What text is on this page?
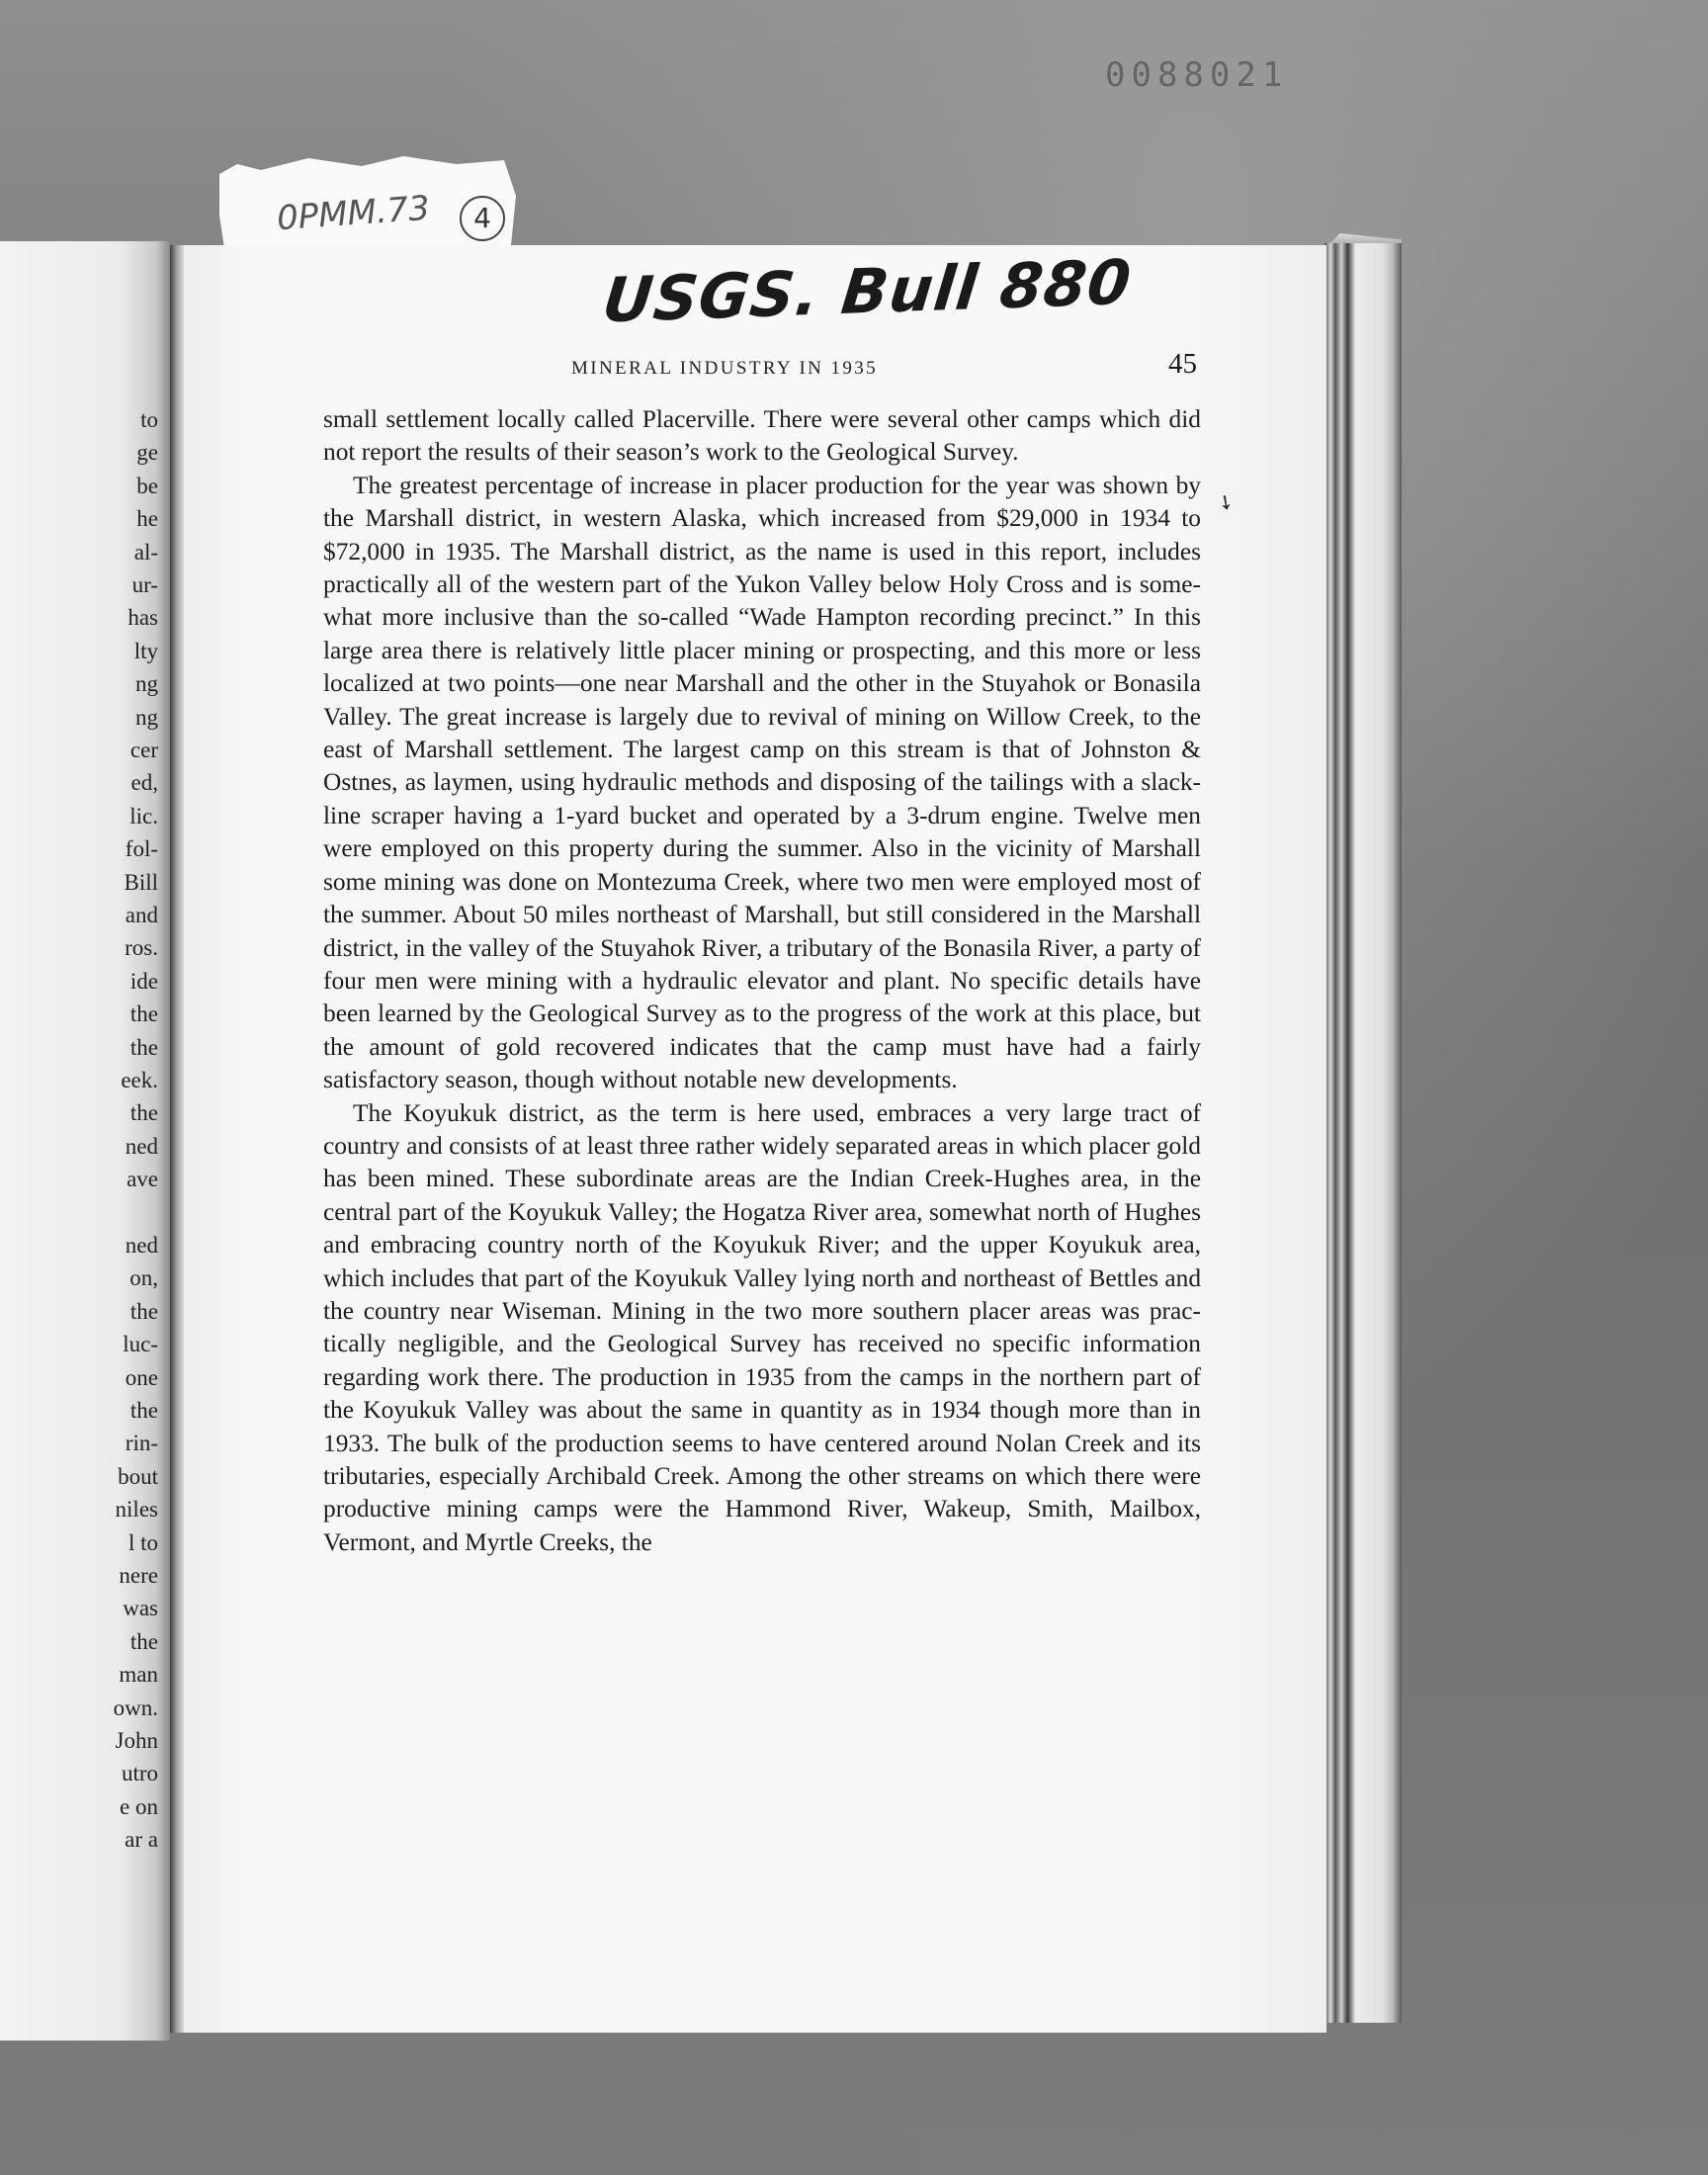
0088021
to
ge
be
he
al-
ur-
has
lty
ng
ng
cer
ed,
lic.
fol-
Bill
and
ros.
ide
the
the
eek.
the
ned
ave
ned
on,
the
luc-
one
the
rin-
bout
niles
l to
nere
was
the
man
own.
John
utro
e on
ar a
0PMM.73	4
USGS. Bull 880
MINERAL INDUSTRY IN 1935	45

small settlement locally called Placerville. There were several other camps which did not report the results of their season’s work to the Geological Survey.

The greatest percentage of increase in placer production for the year was shown by the Marshall district, in western Alaska, which increased from $29,000 in 1934 to $72,000 in 1935. The Marshall district, as the name is used in this report, includes practically all of the western part of the Yukon Valley below Holy Cross and is somewhat more inclusive than the so-called “Wade Hampton recording precinct.” In this large area there is relatively little placer mining or prospecting, and this more or less localized at two points—one near Marshall and the other in the Stuyahok or Bonasila Valley. The great increase is largely due to revival of mining on Willow Creek, to the east of Marshall settlement. The largest camp on this stream is that of Johnston & Ostnes, as laymen, using hydraulic methods and disposing of the tailings with a slack-line scraper having a 1-yard bucket and operated by a 3-drum engine. Twelve men were employed on this property during the summer. Also in the vicinity of Marshall some mining was done on Montezuma Creek, where two men were employed most of the summer. About 50 miles northeast of Marshall, but still considered in the Marshall district, in the valley of the Stuyahok River, a tributary of the Bonasila River, a party of four men were mining with a hydraulic elevator and plant. No specific details have been learned by the Geological Survey as to the progress of the work at this place, but the amount of gold recovered indicates that the camp must have had a fairly satisfactory season, though without notable new developments.

The Koyukuk district, as the term is here used, embraces a very large tract of country and consists of at least three rather widely separated areas in which placer gold has been mined. These subordinate areas are the Indian Creek-Hughes area, in the central part of the Koyukuk Valley; the Hogatza River area, somewhat north of Hughes and embracing country north of the Koyukuk River; and the upper Koyukuk area, which includes that part of the Koyukuk Valley lying north and northeast of Bettles and the country near Wiseman. Mining in the two more southern placer areas was practically negligible, and the Geological Survey has received no specific information regarding work there. The production in 1935 from the camps in the northern part of the Koyukuk Valley was about the same in quantity as in 1934 though more than in 1933. The bulk of the production seems to have centered around Nolan Creek and its tributaries, especially Archibald Creek. Among the other streams on which there were productive mining camps were the Hammond River, Wakeup, Smith, Mailbox, Vermont, and Myrtle Creeks, the

➘
